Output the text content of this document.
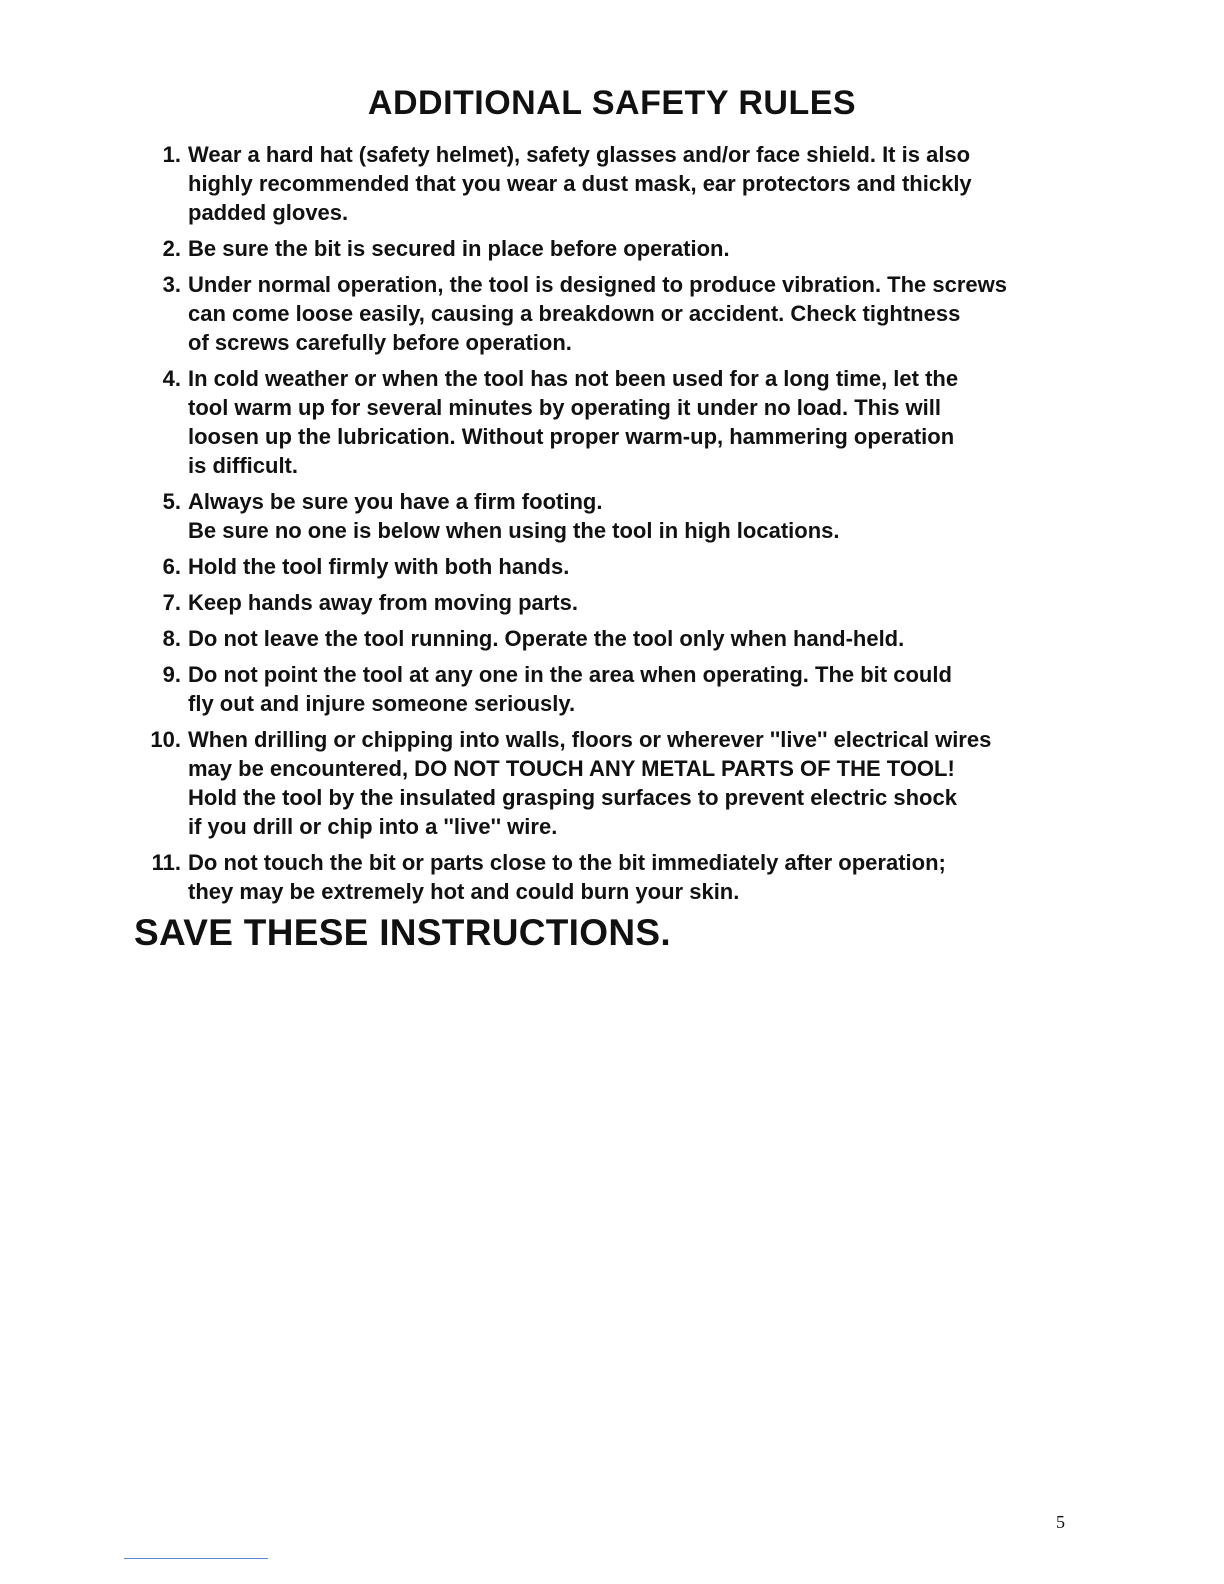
ADDITIONAL SAFETY RULES
1. Wear a hard hat (safety helmet), safety glasses and/or face shield. It is also
highly recommended that you wear a dust mask, ear protectors and thickly
padded gloves.
2. Be sure the bit is secured in place before operation.
3. Under normal operation, the tool is designed to produce vibration. The screws
can come loose easily, causing a breakdown or accident. Check tightness
of screws carefully before operation.
4. In cold weather or when the tool has not been used for a long time, let the
tool warm up for several minutes by operating it under no load. This will
loosen up the lubrication. Without proper warm-up, hammering operation
is difficult.
5. Always be sure you have a firm footing.
Be sure no one is below when using the tool in high locations.
6. Hold the tool firmly with both hands.
7. Keep hands away from moving parts.
8. Do not leave the tool running. Operate the tool only when hand-held.
9. Do not point the tool at any one in the area when operating. The bit could
fly out and injure someone seriously.
10. When drilling or chipping into walls, floors or wherever ''live'' electrical wires
may be encountered, DO NOT TOUCH ANY METAL PARTS OF THE TOOL!
Hold the tool by the insulated grasping surfaces to prevent electric shock
if you drill or chip into a ''live'' wire.
11. Do not touch the bit or parts close to the bit immediately after operation;
they may be extremely hot and could burn your skin.
SAVE THESE INSTRUCTIONS.
5
